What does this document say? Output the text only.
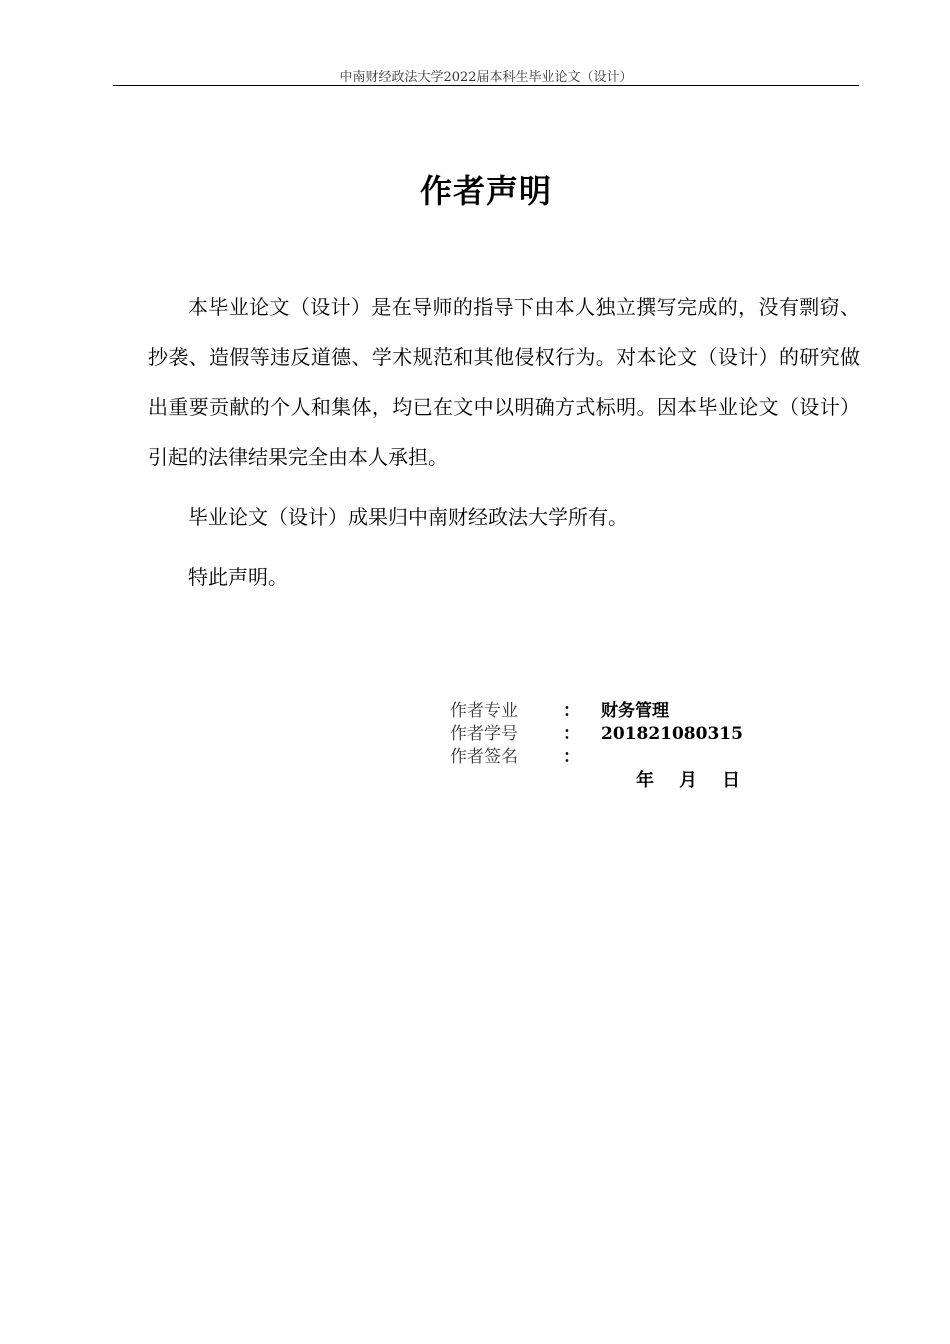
中南财经政法大学2022届本科生毕业论文（设计）
作者声明

本毕业论文（设计）是在导师的指导下由本人独立撰写完成的，没有剽窃、抄袭、造假等违反道德、学术规范和其他侵权行为。对本论文（设计）的研究做出重要贡献的个人和集体，均已在文中以明确方式标明。因本毕业论文（设计）引起的法律结果完全由本人承担。

毕业论文（设计）成果归中南财经政法大学所有。

特此声明。

作者专业	：	财务管理
作者学号	：	201821080315
作者签名	：
年    月    日
